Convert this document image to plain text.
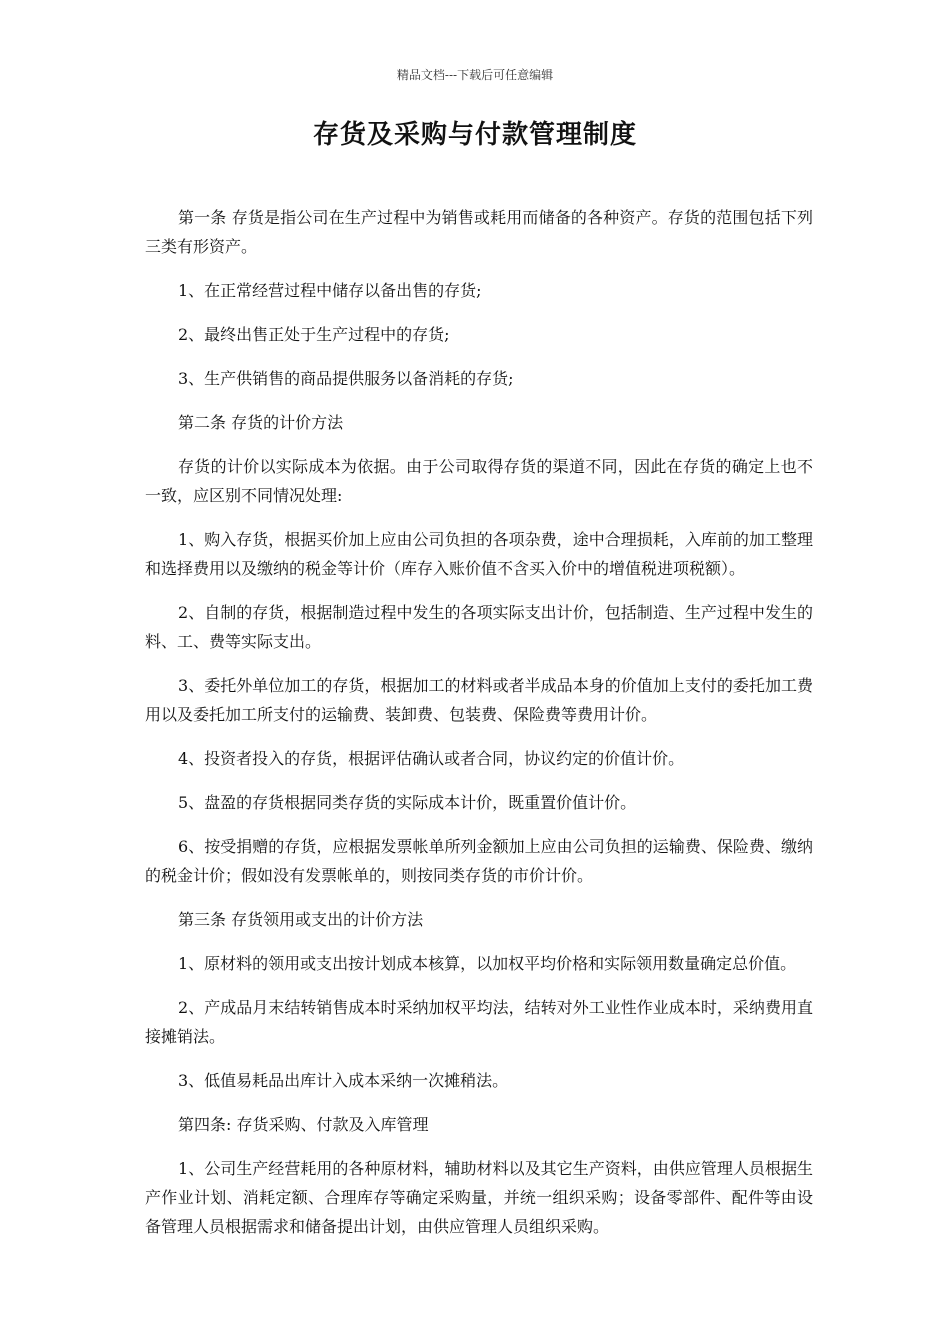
精品文档---下载后可任意编辑
存货及采购与付款管理制度

第一条 存货是指公司在生产过程中为销售或耗用而储备的各种资产。存货的范围包括下列三类有形资产。

1、在正常经营过程中储存以备出售的存货;

2、最终出售正处于生产过程中的存货;

3、生产供销售的商品提供服务以备消耗的存货;

第二条 存货的计价方法

存货的计价以实际成本为依据。由于公司取得存货的渠道不同，因此在存货的确定上也不一致，应区别不同情况处理:

1、购入存货，根据买价加上应由公司负担的各项杂费，途中合理损耗，入库前的加工整理和选择费用以及缴纳的税金等计价（库存入账价值不含买入价中的增值税进项税额）。

2、自制的存货，根据制造过程中发生的各项实际支出计价，包括制造、生产过程中发生的料、工、费等实际支出。

3、委托外单位加工的存货，根据加工的材料或者半成品本身的价值加上支付的委托加工费用以及委托加工所支付的运输费、装卸费、包装费、保险费等费用计价。

4、投资者投入的存货，根据评估确认或者合同，协议约定的价值计价。

5、盘盈的存货根据同类存货的实际成本计价，既重置价值计价。

6、按受捐赠的存货，应根据发票帐单所列金额加上应由公司负担的运输费、保险费、缴纳的税金计价；假如没有发票帐单的，则按同类存货的市价计价。

第三条 存货领用或支出的计价方法

1、原材料的领用或支出按计划成本核算，以加权平均价格和实际领用数量确定总价值。

2、产成品月末结转销售成本时采纳加权平均法，结转对外工业性作业成本时，采纳费用直接摊销法。

3、低值易耗品出库计入成本采纳一次摊稍法。

第四条: 存货采购、付款及入库管理

1、公司生产经营耗用的各种原材料，辅助材料以及其它生产资料，由供应管理人员根据生产作业计划、消耗定额、合理库存等确定采购量，并统一组织采购；设备零部件、配件等由设备管理人员根据需求和储备提出计划，由供应管理人员组织采购。
